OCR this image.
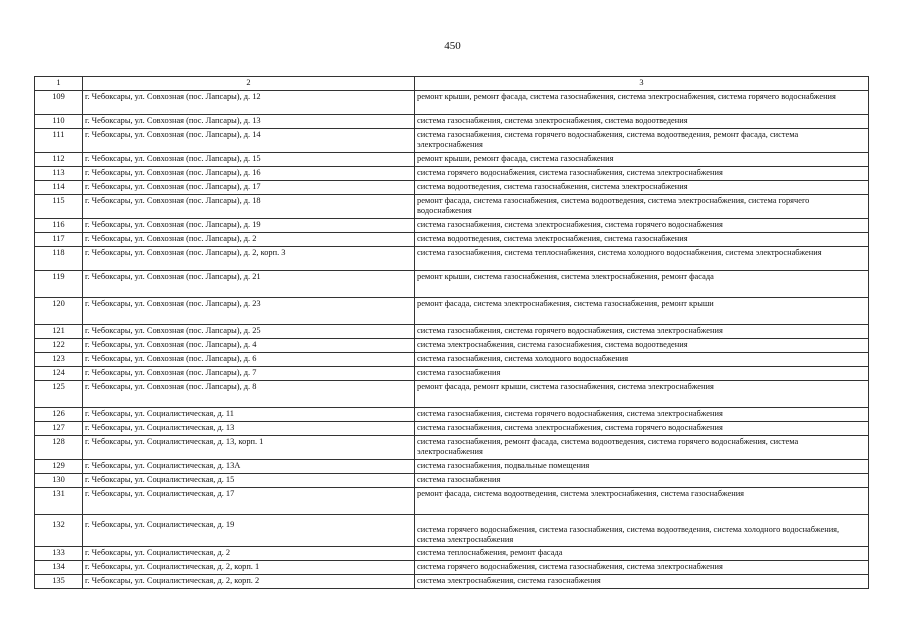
450
1	2	3
109	г. Чебоксары, ул. Совхозная (пос. Лапсары), д. 12	ремонт крыши, ремонт фасада, система газоснабжения, система электроснабжения, система горячего водоснабжения
110	г. Чебоксары, ул. Совхозная (пос. Лапсары), д. 13	система газоснабжения, система электроснабжения, система водоотведения
111	г. Чебоксары, ул. Совхозная (пос. Лапсары), д. 14	система газоснабжения, система горячего водоснабжения, система водоотведения, ремонт фасада, система электроснабжения
112	г. Чебоксары, ул. Совхозная (пос. Лапсары), д. 15	ремонт крыши, ремонт фасада, система газоснабжения
113	г. Чебоксары, ул. Совхозная (пос. Лапсары), д. 16	система горячего водоснабжения, система газоснабжения, система электроснабжения
114	г. Чебоксары, ул. Совхозная (пос. Лапсары), д. 17	система водоотведения, система газоснабжения, система электроснабжения
115	г. Чебоксары, ул. Совхозная (пос. Лапсары), д. 18	ремонт фасада, система газоснабжения, система водоотведения, система электроснабжения, система горячего водоснабжения
116	г. Чебоксары, ул. Совхозная (пос. Лапсары), д. 19	система газоснабжения, система электроснабжения, система горячего водоснабжения
117	г. Чебоксары, ул. Совхозная (пос. Лапсары), д. 2	система водоотведения, система электроснабжения, система газоснабжения
118	г. Чебоксары, ул. Совхозная (пос. Лапсары), д. 2, корп. 3	система газоснабжения, система теплоснабжения, система холодного водоснабжения, система электроснабжения
119	г. Чебоксары, ул. Совхозная (пос. Лапсары), д. 21	ремонт крыши, система газоснабжения, система электроснабжения, ремонт фасада
120	г. Чебоксары, ул. Совхозная (пос. Лапсары), д. 23	ремонт фасада, система электроснабжения, система газоснабжения, ремонт крыши
121	г. Чебоксары, ул. Совхозная (пос. Лапсары), д. 25	система газоснабжения, система горячего водоснабжения, система электроснабжения
122	г. Чебоксары, ул. Совхозная (пос. Лапсары), д. 4	система электроснабжения, система газоснабжения, система водоотведения
123	г. Чебоксары, ул. Совхозная (пос. Лапсары), д. 6	система газоснабжения, система холодного водоснабжения
124	г. Чебоксары, ул. Совхозная (пос. Лапсары), д. 7	система газоснабжения
125	г. Чебоксары, ул. Совхозная (пос. Лапсары), д. 8	ремонт фасада, ремонт крыши, система газоснабжения, система электроснабжения
126	г. Чебоксары, ул. Социалистическая, д. 11	система газоснабжения, система горячего водоснабжения, система электроснабжения
127	г. Чебоксары, ул. Социалистическая, д. 13	система газоснабжения, система электроснабжения, система горячего водоснабжения
128	г. Чебоксары, ул. Социалистическая, д. 13, корп. 1	система газоснабжения, ремонт фасада, система водоотведения, система горячего водоснабжения, система электроснабжения
129	г. Чебоксары, ул. Социалистическая, д. 13А	система газоснабжения, подвальные помещения
130	г. Чебоксары, ул. Социалистическая, д. 15	система газоснабжения
131	г. Чебоксары, ул. Социалистическая, д. 17	ремонт фасада, система водоотведения, система электроснабжения, система газоснабжения
132	г. Чебоксары, ул. Социалистическая, д. 19	система горячего водоснабжения, система газоснабжения, система водоотведения, система холодного водоснабжения, система электроснабжения
133	г. Чебоксары, ул. Социалистическая, д. 2	система теплоснабжения, ремонт фасада
134	г. Чебоксары, ул. Социалистическая, д. 2, корп. 1	система горячего водоснабжения, система газоснабжения, система электроснабжения
135	г. Чебоксары, ул. Социалистическая, д. 2, корп. 2	система электроснабжения, система газоснабжения
